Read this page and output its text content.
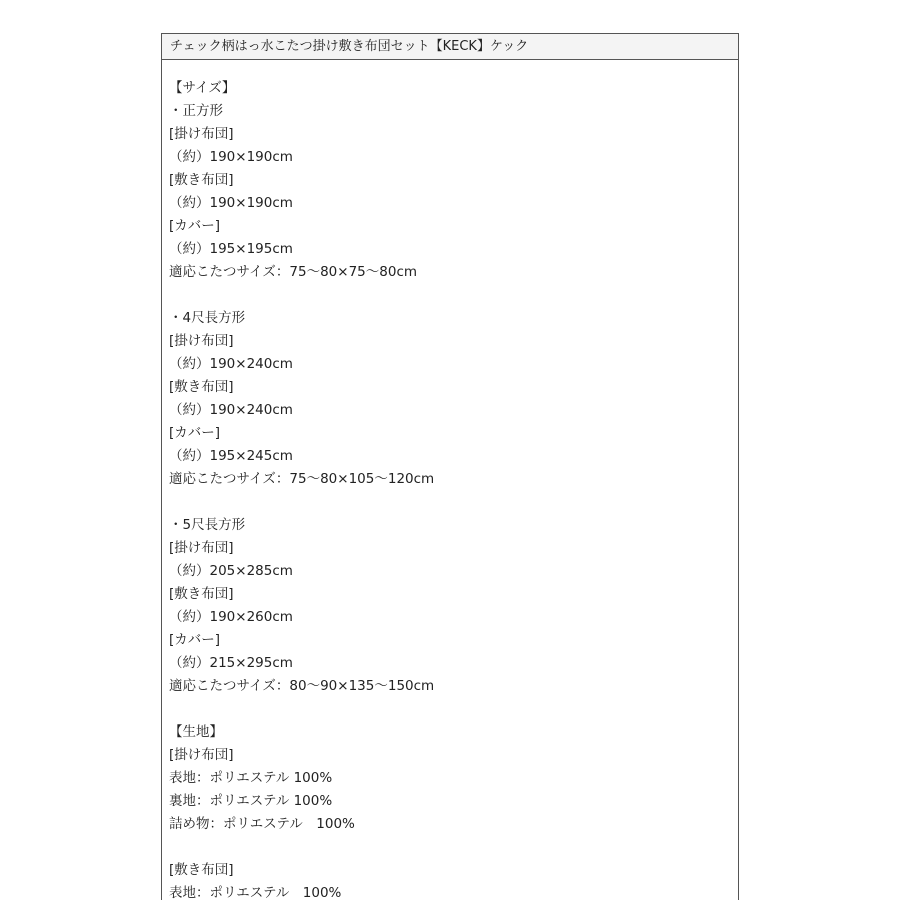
チェック柄はっ水こたつ掛け敷き布団セット【KECK】ケック
【サイズ】
・正方形
[掛け布団]
（約）190×190cm
[敷き布団]
（約）190×190cm
[カバー]
（約）195×195cm
適応こたつサイズ：75〜80×75〜80cm
・4尺長方形
[掛け布団]
（約）190×240cm
[敷き布団]
（約）190×240cm
[カバー]
（約）195×245cm
適応こたつサイズ：75〜80×105〜120cm
・5尺長方形
[掛け布団]
（約）205×285cm
[敷き布団]
（約）190×260cm
[カバー]
（約）215×295cm
適応こたつサイズ：80〜90×135〜150cm
【生地】
[掛け布団]
表地：ポリエステル 100%
裏地：ポリエステル 100%
詰め物：ポリエステル　100%
[敷き布団]
表地：ポリエステル　100%
